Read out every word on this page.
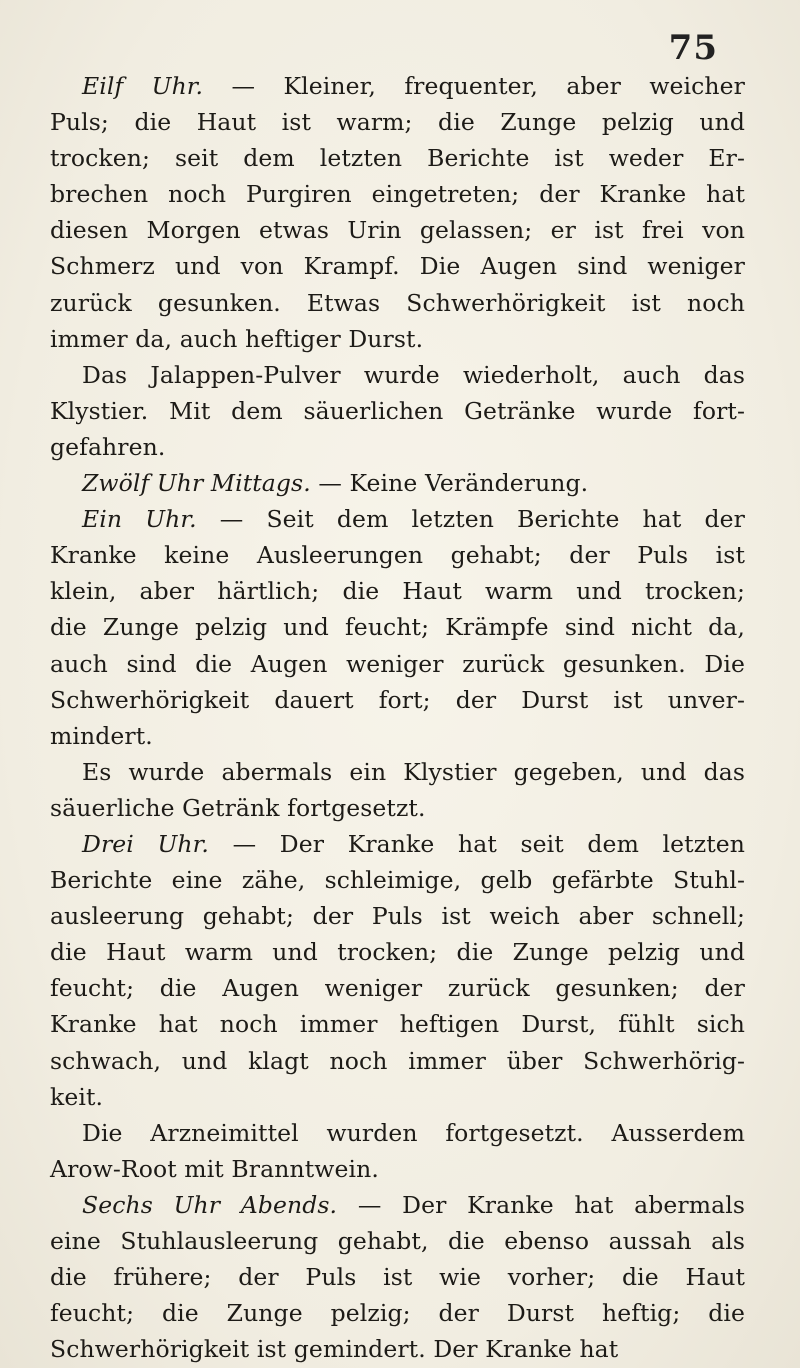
75
Eilf Uhr. — Kleiner, frequenter, aber weicher
Puls; die Haut ist warm; die Zunge pelzig und
trocken; seit dem letzten Berichte ist weder Er-
brechen noch Purgiren eingetreten; der Kranke hat
diesen Morgen etwas Urin gelassen; er ist frei von
Schmerz und von Krampf. Die Augen sind weniger
zurück gesunken. Etwas Schwerhörigkeit ist noch
immer da, auch heftiger Durst.
Das Jalappen-Pulver wurde wiederholt, auch das
Klystier. Mit dem säuerlichen Getränke wurde fort-
gefahren.
Zwölf Uhr Mittags. — Keine Veränderung.
Ein Uhr. — Seit dem letzten Berichte hat der
Kranke keine Ausleerungen gehabt; der Puls ist
klein, aber härtlich; die Haut warm und trocken;
die Zunge pelzig und feucht; Krämpfe sind nicht da,
auch sind die Augen weniger zurück gesunken. Die
Schwerhörigkeit dauert fort; der Durst ist unver-
mindert.
Es wurde abermals ein Klystier gegeben, und das
säuerliche Getränk fortgesetzt.
Drei Uhr. — Der Kranke hat seit dem letzten
Berichte eine zähe, schleimige, gelb gefärbte Stuhl-
ausleerung gehabt; der Puls ist weich aber schnell;
die Haut warm und trocken; die Zunge pelzig und
feucht; die Augen weniger zurück gesunken; der
Kranke hat noch immer heftigen Durst, fühlt sich
schwach, und klagt noch immer über Schwerhörig-
keit.
Die Arzneimittel wurden fortgesetzt. Ausserdem
Arow-Root mit Branntwein.
Sechs Uhr Abends. — Der Kranke hat abermals
eine Stuhlausleerung gehabt, die ebenso aussah als
die frühere; der Puls ist wie vorher; die Haut
feucht; die Zunge pelzig; der Durst heftig; die
Schwerhörigkeit ist gemindert. Der Kranke hat
